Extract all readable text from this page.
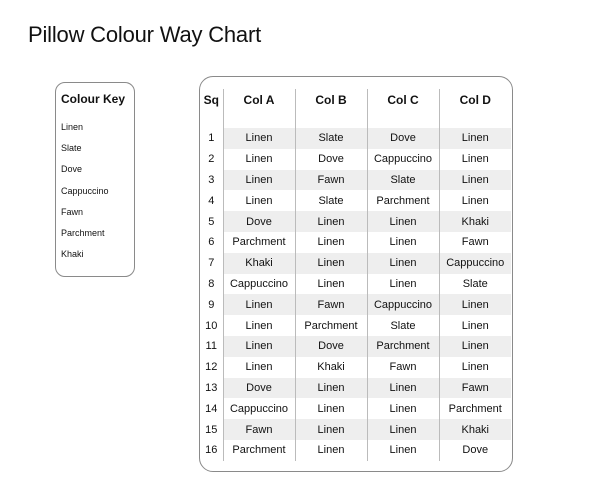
Pillow Colour Way Chart
Colour Key
Linen
Slate
Dove
Cappuccino
Fawn
Parchment
Khaki
Sq	Col A	Col B	Col C	Col D

1	Linen	Slate	Dove	Linen
2	Linen	Dove	Cappuccino	Linen
3	Linen	Fawn	Slate	Linen
4	Linen	Slate	Parchment	Linen
5	Dove	Linen	Linen	Khaki
6	Parchment	Linen	Linen	Fawn
7	Khaki	Linen	Linen	Cappuccino
8	Cappuccino	Linen	Linen	Slate
9	Linen	Fawn	Cappuccino	Linen
10	Linen	Parchment	Slate	Linen
11	Linen	Dove	Parchment	Linen
12	Linen	Khaki	Fawn	Linen
13	Dove	Linen	Linen	Fawn
14	Cappuccino	Linen	Linen	Parchment
15	Fawn	Linen	Linen	Khaki
16	Parchment	Linen	Linen	Dove
